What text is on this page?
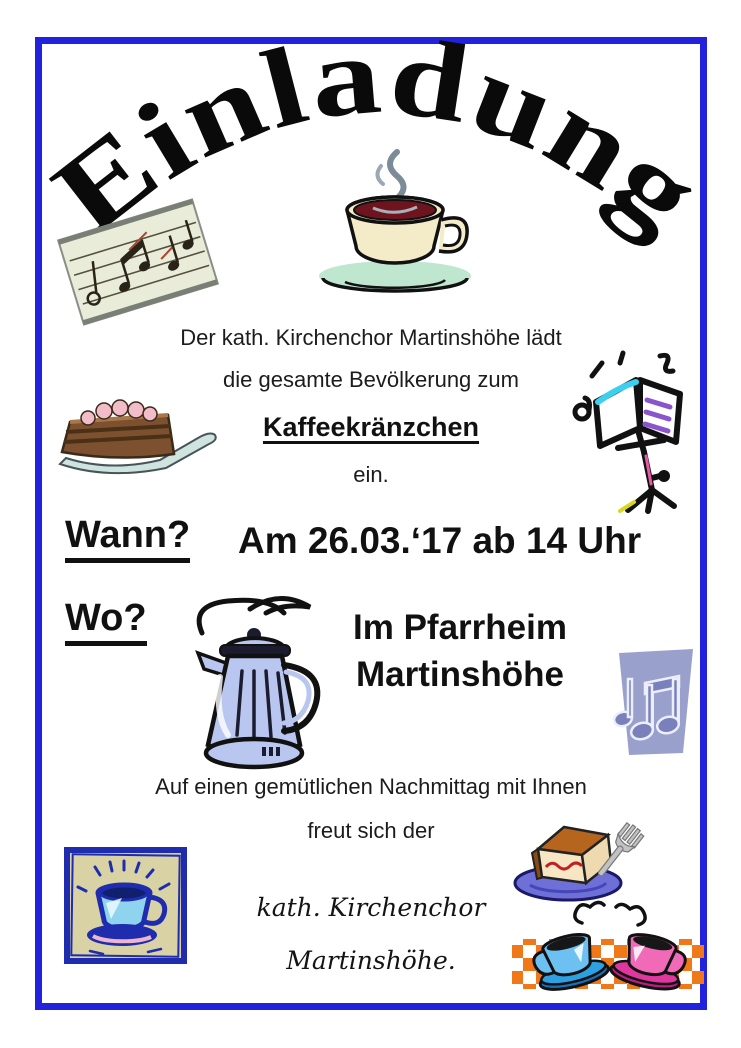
Einladung
Der kath. Kirchenchor Martinshöhe lädt
die gesamte Bevölkerung zum
Kaffeekränzchen
ein.
Wann? Am 26.03.‘17 ab 14 Uhr
Wo?	Im Pfarrheim
Martinshöhe
Auf einen gemütlichen Nachmittag mit Ihnen
freut sich der
kath. Kirchenchor
Martinshöhe.
